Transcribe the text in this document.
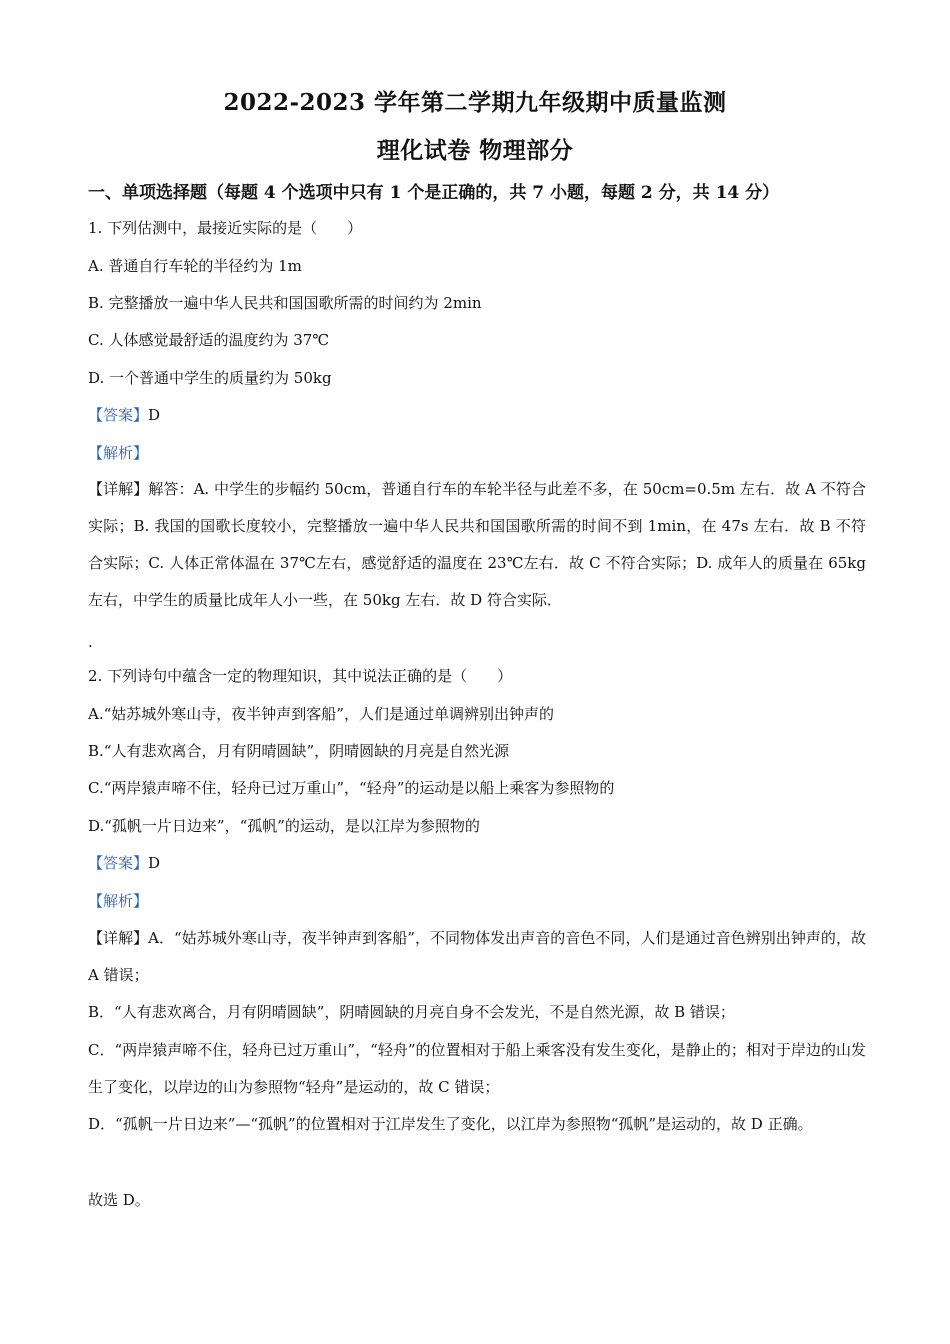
2022-2023 学年第二学期九年级期中质量监测
理化试卷 物理部分
一、单项选择题（每题 4 个选项中只有 1 个是正确的，共 7 小题，每题 2 分，共 14 分）
1. 下列估测中，最接近实际的是（　　）
A. 普通自行车轮的半径约为 1m
B. 完整播放一遍中华人民共和国国歌所需的时间约为 2min
C. 人体感觉最舒适的温度约为 37℃
D. 一个普通中学生的质量约为 50kg
【答案】D
【解析】
【详解】解答：A. 中学生的步幅约 50cm，普通自行车的车轮半径与此差不多，在 50cm=0.5m 左右．故 A 不符合实际；B. 我国的国歌长度较小，完整播放一遍中华人民共和国国歌所需的时间不到 1min，在 47s 左右．故 B 不符合实际；C. 人体正常体温在 37℃左右，感觉舒适的温度在 23℃左右．故 C 不符合实际；D. 成年人的质量在 65kg 左右，中学生的质量比成年人小一些，在 50kg 左右．故 D 符合实际．
.
2. 下列诗句中蕴含一定的物理知识，其中说法正确的是（　　）
A.“姑苏城外寒山寺，夜半钟声到客船”，人们是通过单调辨别出钟声的
B.“人有悲欢离合，月有阴晴圆缺”，阴晴圆缺的月亮是自然光源
C.“两岸猿声啼不住，轻舟已过万重山”，“轻舟”的运动是以船上乘客为参照物的
D.“孤帆一片日边来”，“孤帆”的运动，是以江岸为参照物的
【答案】D
【解析】
【详解】A．“姑苏城外寒山寺，夜半钟声到客船”，不同物体发出声音的音色不同，人们是通过音色辨别出钟声的，故 A 错误；
B．“人有悲欢离合，月有阴晴圆缺”，阴晴圆缺的月亮自身不会发光，不是自然光源，故 B 错误；
C．“两岸猿声啼不住，轻舟已过万重山”，“轻舟”的位置相对于船上乘客没有发生变化，是静止的；相对于岸边的山发生了变化，以岸边的山为参照物“轻舟”是运动的，故 C 错误；
D．“孤帆一片日边来”—“孤帆”的位置相对于江岸发生了变化，以江岸为参照物“孤帆”是运动的，故 D 正确。
故选 D。
